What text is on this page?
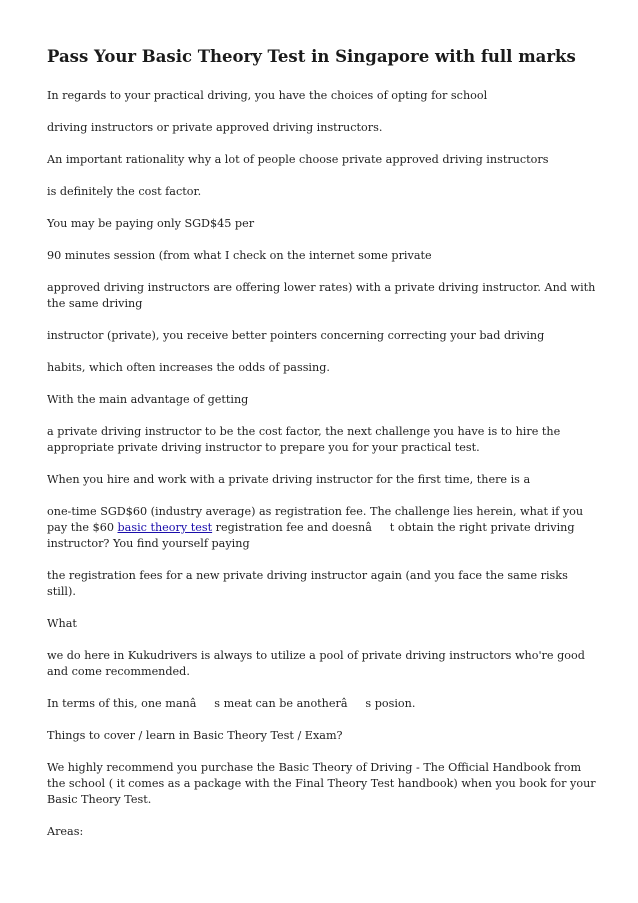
Pass Your Basic Theory Test in Singapore with full marks

In regards to your practical driving, you have the choices of opting for school

driving instructors or private approved driving instructors.

An important rationality why a lot of people choose private approved driving instructors

is definitely the cost factor.

You may be paying only SGD$45 per

90 minutes session (from what I check on the internet some private

approved driving instructors are offering lower rates) with a private driving instructor. And with the same driving

instructor (private), you receive better pointers concerning correcting your bad driving

habits, which often increases the odds of passing.

With the main advantage of getting

a private driving instructor to be the cost factor, the next challenge you have is to hire the appropriate private driving instructor to prepare you for your practical test.

When you hire and work with a private driving instructor for the first time, there is a

one-time SGD$60 (industry average) as registration fee. The challenge lies herein, what if you pay the $60 basic theory test registration fee and doesnât obtain the right private driving instructor? You find yourself paying

the registration fees for a new private driving instructor again (and you face the same risks still).

What

we do here in Kukudrivers is always to utilize a pool of private driving instructors who're good and come recommended.

In terms of this, one manâs meat can be anotherâs posion.

Things to cover / learn in Basic Theory Test / Exam?

We highly recommend you purchase the Basic Theory of Driving - The Official Handbook from the school ( it comes as a package with the Final Theory Test handbook) when you book for your Basic Theory Test.

Areas:
